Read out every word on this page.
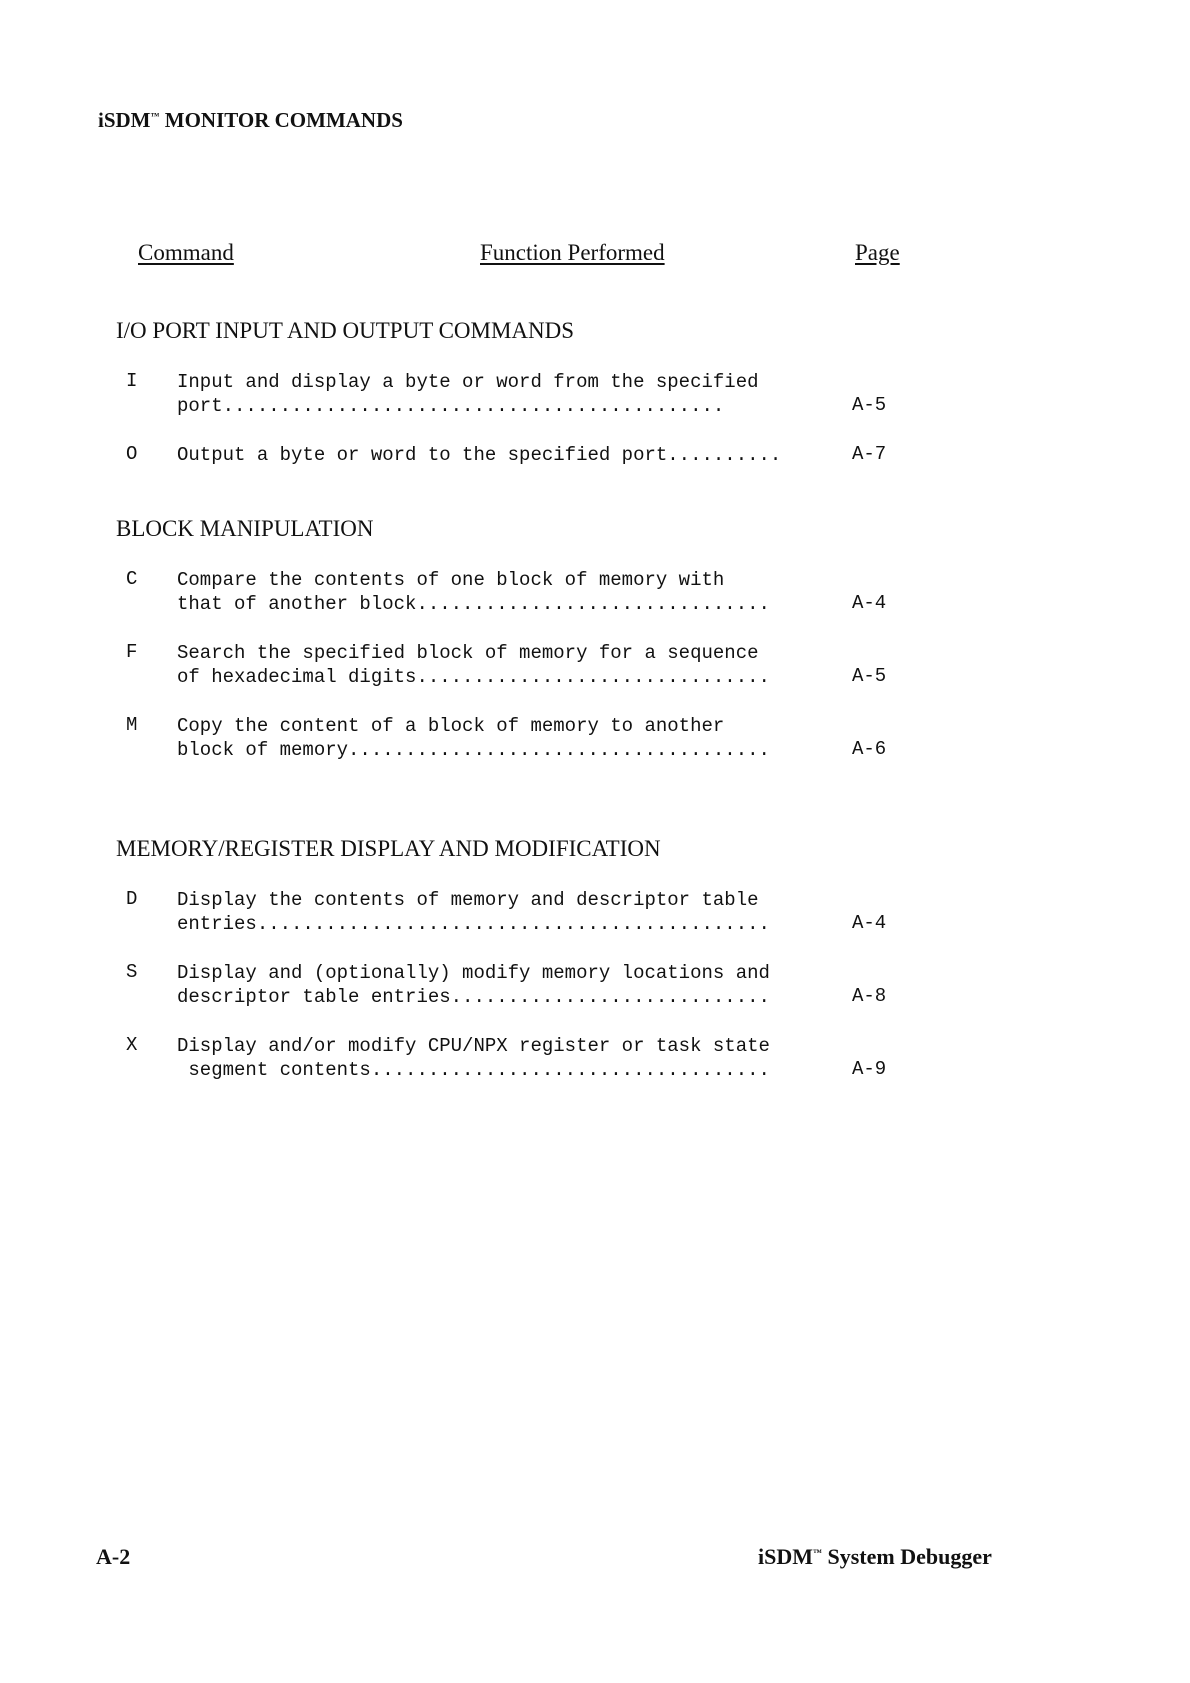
iSDM™ MONITOR COMMANDS
Command	Function Performed	Page
I/O PORT INPUT AND OUTPUT COMMANDS
I Input and display a byte or word from the specified
port............................................	A-5
O Output a byte or word to the specified port..........	A-7
BLOCK MANIPULATION
C Compare the contents of one block of memory with
that of another block...............................	A-4
F Search the specified block of memory for a sequence
of hexadecimal digits...............................	A-5
M Copy the content of a block of memory to another
block of memory.....................................	A-6
MEMORY/REGISTER DISPLAY AND MODIFICATION
D Display the contents of memory and descriptor table
entries.............................................	A-4
S Display and (optionally) modify memory locations and
descriptor table entries............................	A-8
X Display and/or modify CPU/NPX register or task state
segment contents...................................	A-9
A-2	iSDM™ System Debugger
